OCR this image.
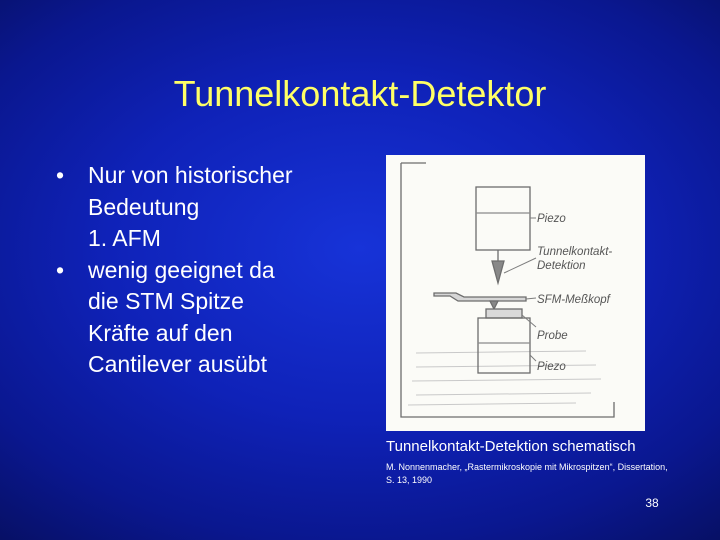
Tunnelkontakt-Detektor
• Nur von historischer
Bedeutung
1. AFM
• wenig geeignet da
die STM Spitze
Kräfte auf den
Cantilever ausübt
Piezo
Tunnelkontakt-
Detektion
SFM-Meßkopf
Probe
Piezo
Tunnelkontakt-Detektion schematisch
M. Nonnenmacher, „Rastermikroskopie mit Mikrospitzen“, Dissertation,
S. 13, 1990
38
